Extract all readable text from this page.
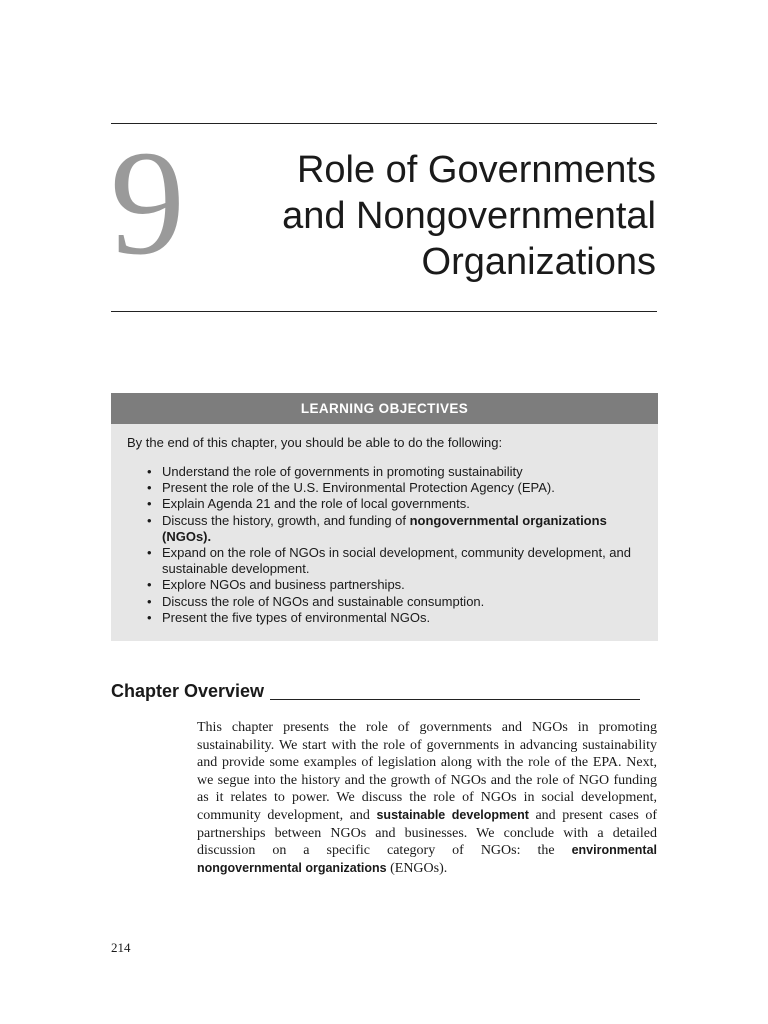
9	Role of Governments
and Nongovernmental
Organizations
LEARNING OBJECTIVES

By the end of this chapter, you should be able to do the following:

• Understand the role of governments in promoting sustainability
• Present the role of the U.S. Environmental Protection Agency (EPA).
• Explain Agenda 21 and the role of local governments.
• Discuss the history, growth, and funding of nongovernmental organizations (NGOs).
• Expand on the role of NGOs in social development, community development, and sustainable development.
• Explore NGOs and business partnerships.
• Discuss the role of NGOs and sustainable consumption.
• Present the five types of environmental NGOs.
Chapter Overview

This chapter presents the role of governments and NGOs in promoting sustainability. We start with the role of governments in advancing sustainability and provide some examples of legislation along with the role of the EPA. Next, we segue into the history and the growth of NGOs and the role of NGO funding as it relates to power. We discuss the role of NGOs in social development, community development, and sustainable development and present cases of partnerships between NGOs and businesses. We conclude with a detailed discussion on a specific category of NGOs: the environmental nongovernmental organizations (ENGOs).

214
